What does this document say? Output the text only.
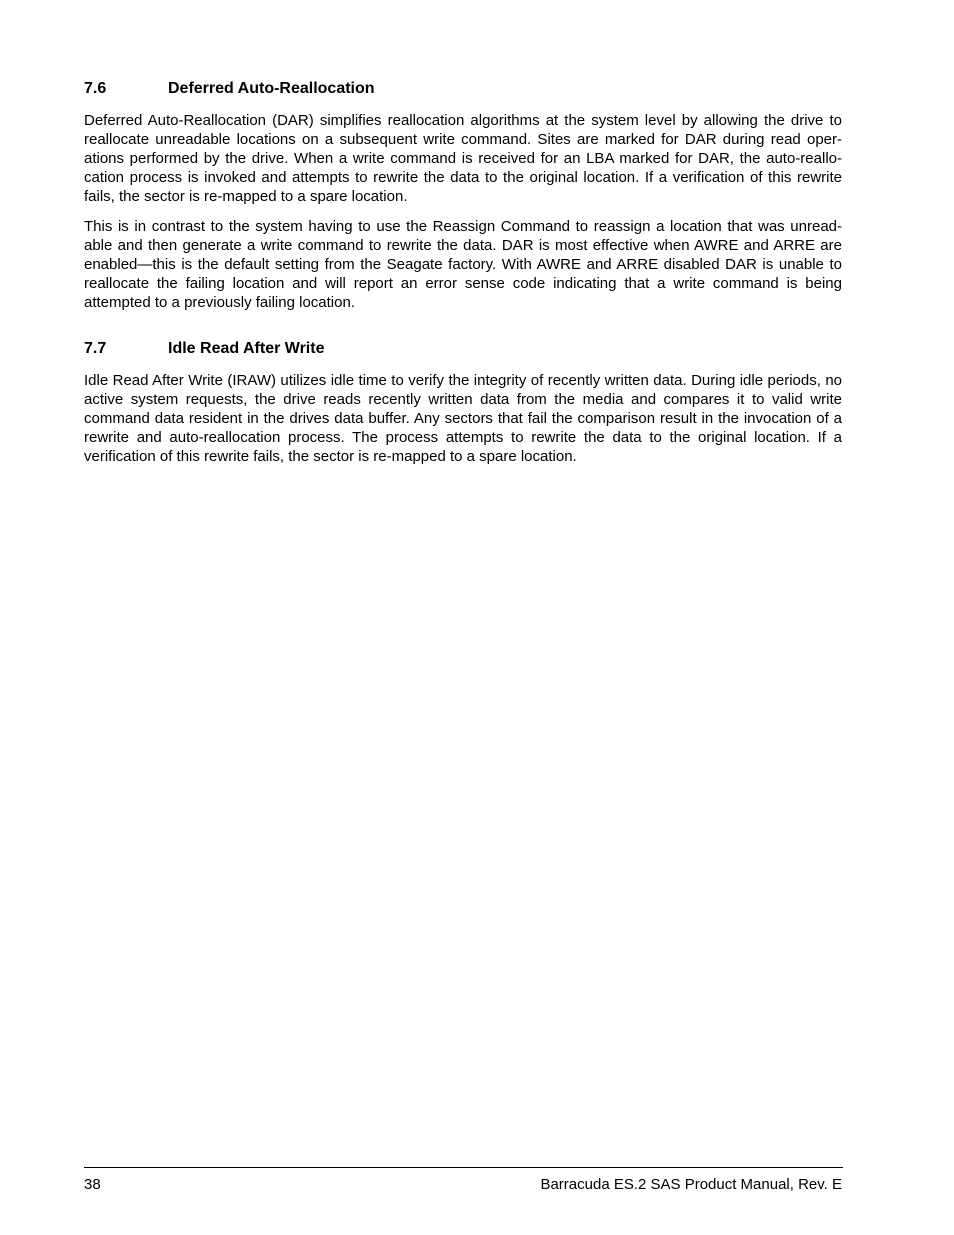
7.6	Deferred Auto-Reallocation

Deferred Auto-Reallocation (DAR) simplifies reallocation algorithms at the system level by allowing the drive to reallocate unreadable locations on a subsequent write command. Sites are marked for DAR during read oper-ations performed by the drive. When a write command is received for an LBA marked for DAR, the auto-reallo-cation process is invoked and attempts to rewrite the data to the original location. If a verification of this rewrite fails, the sector is re-mapped to a spare location.

This is in contrast to the system having to use the Reassign Command to reassign a location that was unread-able and then generate a write command to rewrite the data. DAR is most effective when AWRE and ARRE are enabled—this is the default setting from the Seagate factory. With AWRE and ARRE disabled DAR is unable to reallocate the failing location and will report an error sense code indicating that a write command is being attempted to a previously failing location.

7.7	Idle Read After Write

Idle Read After Write (IRAW) utilizes idle time to verify the integrity of recently written data. During idle periods, no active system requests, the drive reads recently written data from the media and compares it to valid write command data resident in the drives data buffer. Any sectors that fail the comparison result in the invocation of a rewrite and auto-reallocation process. The process attempts to rewrite the data to the original location. If a verification of this rewrite fails, the sector is re-mapped to a spare location.

38	Barracuda ES.2 SAS Product Manual, Rev. E
